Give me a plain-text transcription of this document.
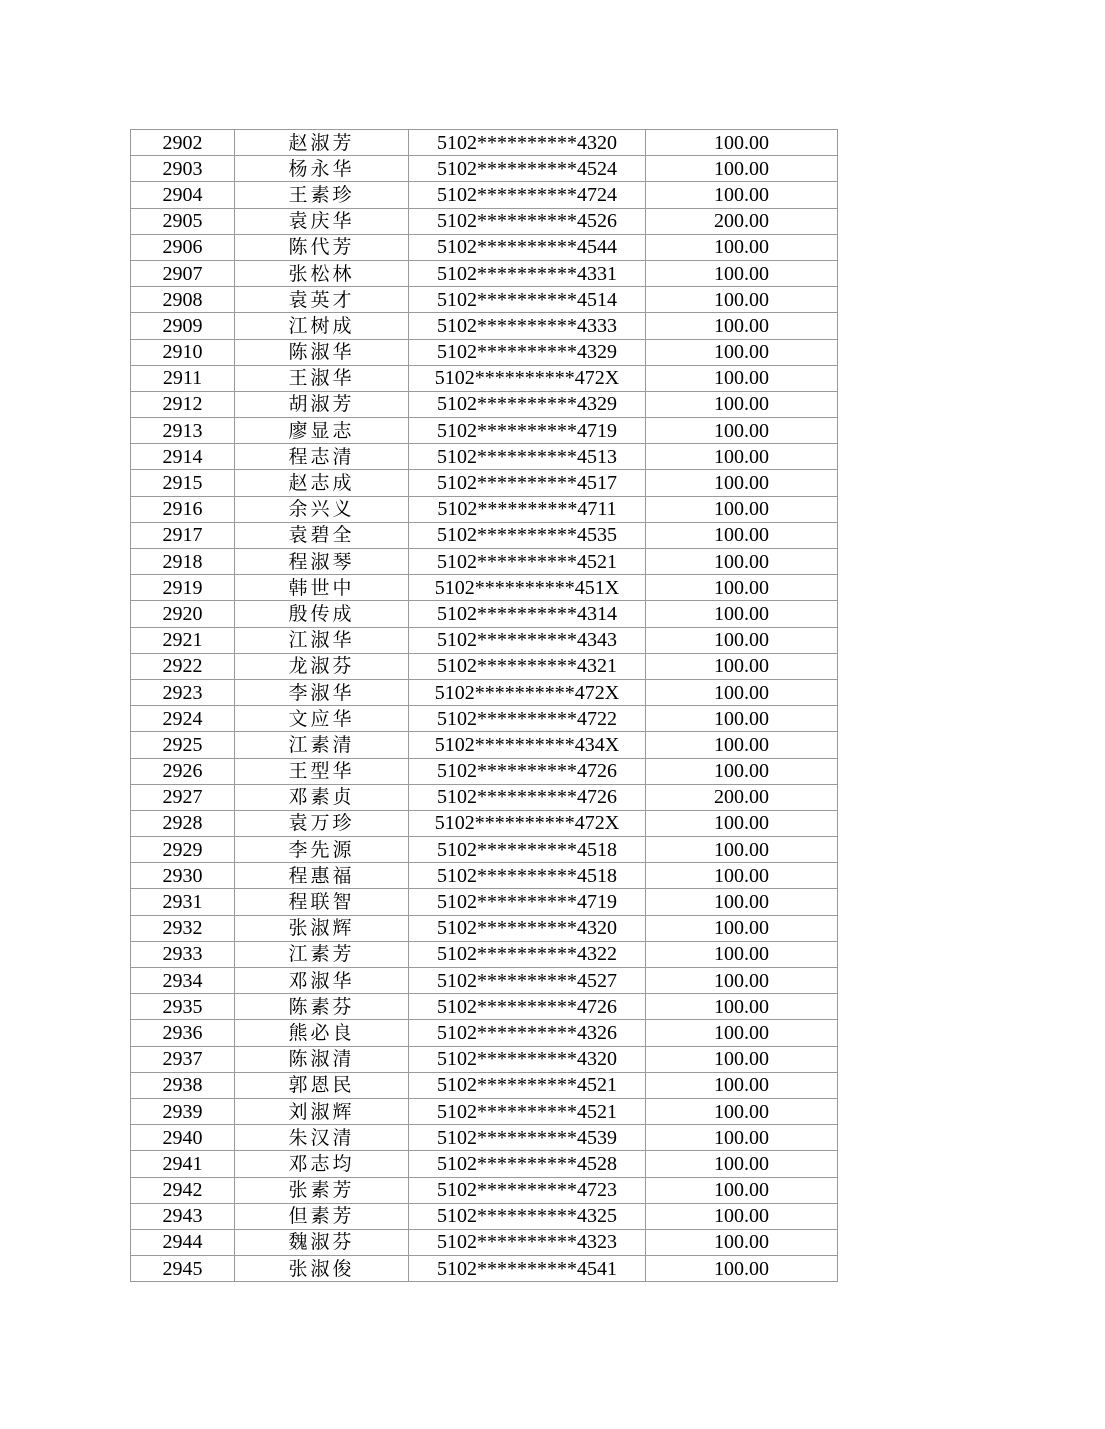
2902	赵淑芳	5102**********4320	100.00
2903	杨永华	5102**********4524	100.00
2904	王素珍	5102**********4724	100.00
2905	袁庆华	5102**********4526	200.00
2906	陈代芳	5102**********4544	100.00
2907	张松林	5102**********4331	100.00
2908	袁英才	5102**********4514	100.00
2909	江树成	5102**********4333	100.00
2910	陈淑华	5102**********4329	100.00
2911	王淑华	5102**********472X	100.00
2912	胡淑芳	5102**********4329	100.00
2913	廖显志	5102**********4719	100.00
2914	程志清	5102**********4513	100.00
2915	赵志成	5102**********4517	100.00
2916	余兴义	5102**********4711	100.00
2917	袁碧全	5102**********4535	100.00
2918	程淑琴	5102**********4521	100.00
2919	韩世中	5102**********451X	100.00
2920	殷传成	5102**********4314	100.00
2921	江淑华	5102**********4343	100.00
2922	龙淑芬	5102**********4321	100.00
2923	李淑华	5102**********472X	100.00
2924	文应华	5102**********4722	100.00
2925	江素清	5102**********434X	100.00
2926	王型华	5102**********4726	100.00
2927	邓素贞	5102**********4726	200.00
2928	袁万珍	5102**********472X	100.00
2929	李先源	5102**********4518	100.00
2930	程惠福	5102**********4518	100.00
2931	程联智	5102**********4719	100.00
2932	张淑辉	5102**********4320	100.00
2933	江素芳	5102**********4322	100.00
2934	邓淑华	5102**********4527	100.00
2935	陈素芬	5102**********4726	100.00
2936	熊必良	5102**********4326	100.00
2937	陈淑清	5102**********4320	100.00
2938	郭恩民	5102**********4521	100.00
2939	刘淑辉	5102**********4521	100.00
2940	朱汉清	5102**********4539	100.00
2941	邓志均	5102**********4528	100.00
2942	张素芳	5102**********4723	100.00
2943	但素芳	5102**********4325	100.00
2944	魏淑芬	5102**********4323	100.00
2945	张淑俊	5102**********4541	100.00
